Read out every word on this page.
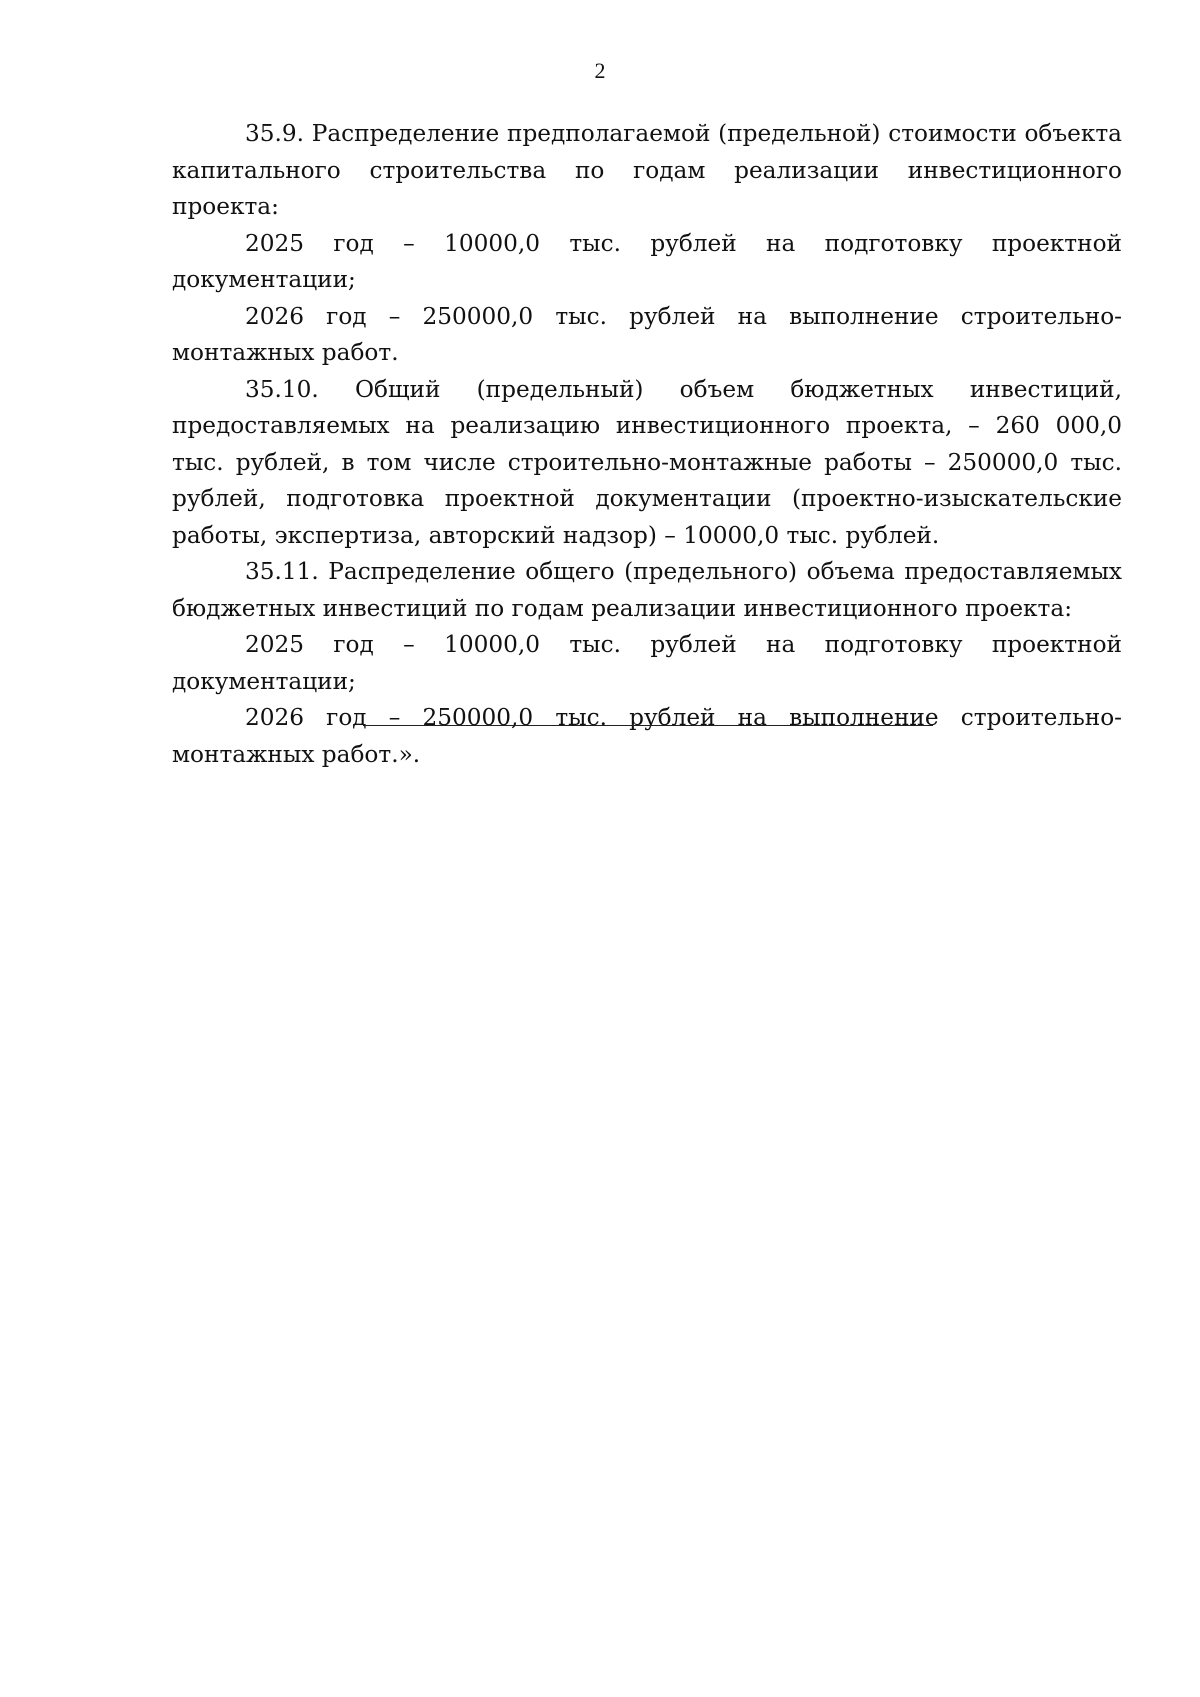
2

35.9. Распределение предполагаемой (предельной) стоимости объекта капитального строительства по годам реализации инвестиционного проекта:

2025 год – 10000,0 тыс. рублей на подготовку проектной документации;

2026 год – 250000,0 тыс. рублей на выполнение строительно-монтажных работ.

35.10. Общий (предельный) объем бюджетных инвестиций, предоставляемых на реализацию инвестиционного проекта, – 260 000,0 тыс. рублей, в том числе строительно-монтажные работы – 250000,0 тыс. рублей, подготовка проектной документации (проектно-изыскательские работы, экспертиза, авторский надзор) – 10000,0 тыс. рублей.

35.11. Распределение общего (предельного) объема предоставляемых бюджетных инвестиций по годам реализации инвестиционного проекта:

2025 год – 10000,0 тыс. рублей на подготовку проектной документации;

2026 год – 250000,0 тыс. рублей на выполнение строительно-монтажных работ.».
